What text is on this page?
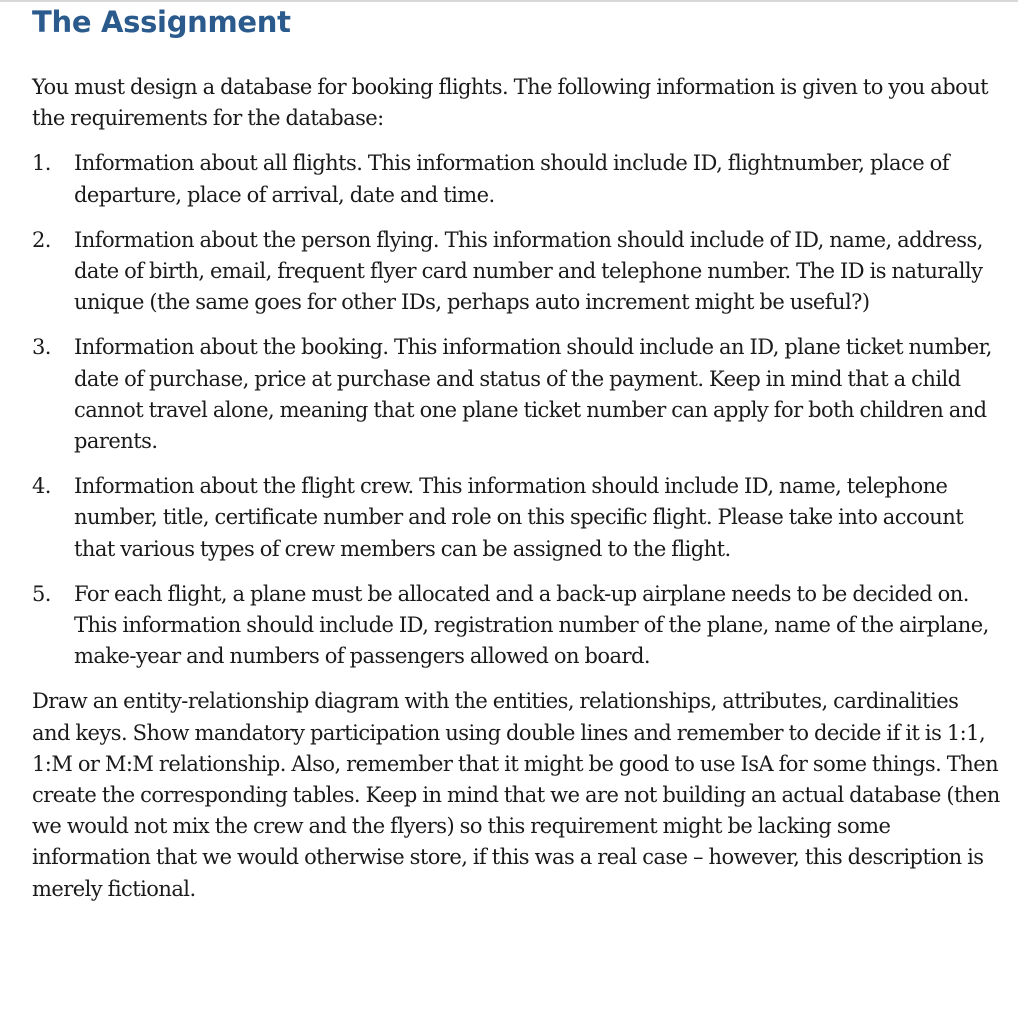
The Assignment

You must design a database for booking flights. The following information is given to you about the requirements for the database:

1. Information about all flights. This information should include ID, flightnumber, place of departure, place of arrival, date and time.
2. Information about the person flying. This information should include of ID, name, address, date of birth, email, frequent flyer card number and telephone number. The ID is naturally unique (the same goes for other IDs, perhaps auto increment might be useful?)
3. Information about the booking. This information should include an ID, plane ticket number, date of purchase, price at purchase and status of the payment. Keep in mind that a child cannot travel alone, meaning that one plane ticket number can apply for both children and parents.
4. Information about the flight crew. This information should include ID, name, telephone number, title, certificate number and role on this specific flight. Please take into account that various types of crew members can be assigned to the flight.
5. For each flight, a plane must be allocated and a back-up airplane needs to be decided on. This information should include ID, registration number of the plane, name of the airplane, make-year and numbers of passengers allowed on board.

Draw an entity-relationship diagram with the entities, relationships, attributes, cardinalities and keys. Show mandatory participation using double lines and remember to decide if it is 1:1, 1:M or M:M relationship. Also, remember that it might be good to use IsA for some things. Then create the corresponding tables. Keep in mind that we are not building an actual database (then we would not mix the crew and the flyers) so this requirement might be lacking some information that we would otherwise store, if this was a real case – however, this description is merely fictional.
